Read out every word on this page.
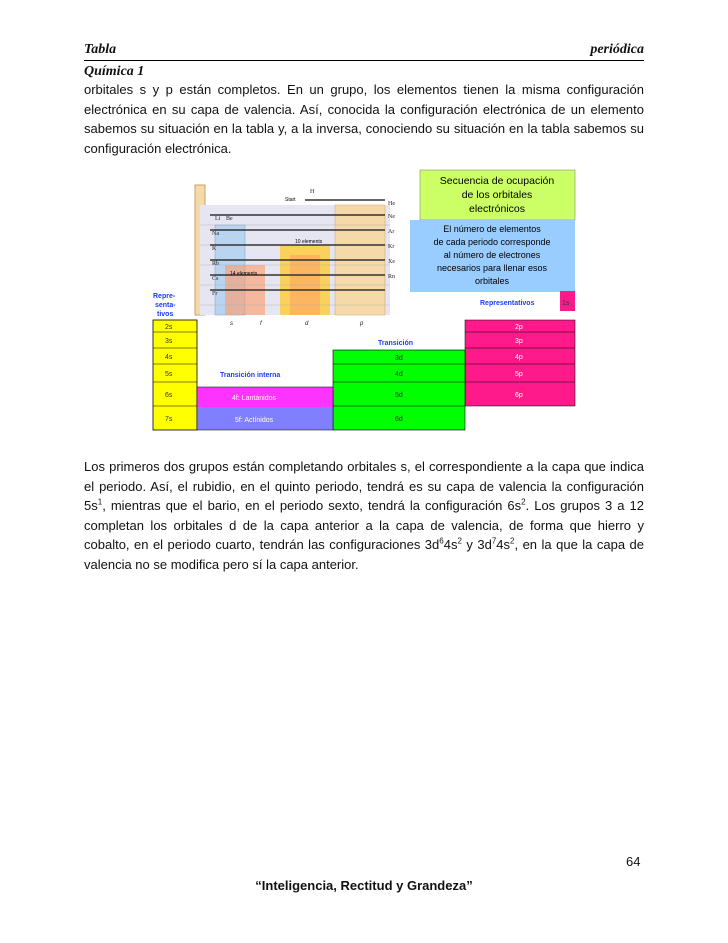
Tabla	periódica
Química 1
orbitales s y p están completos. En un grupo, los elementos tienen la misma configuración electrónica en su capa de valencia. Así, conocida la configuración electrónica de un elemento sabemos su situación en la tabla y, a la inversa, conociendo su situación en la tabla sabemos su configuración electrónica.
Start
10 elements
14 elements
H
He
Li Be	Ne
Na	Ar
K	Kr
Rb	Xe
Cs	Rn
Fr
s	f	d	p
Secuencia de ocupación
de los orbitales
electrónicos
El número de elementos
de cada periodo corresponde
al número de electrones
necesarios para llenar esos
orbitales
Repre-
senta-
tivos
2s
3s
4s
5s
6s
7s
1s
Representativos
2p
3p
4p
5p
6p
Transición
3d
4d
5d
6d
Transición interna
4f: Lantánidos
5f: Actínidos
Los primeros dos grupos están completando orbitales s, el correspondiente a la capa que indica el periodo. Así, el rubidio, en el quinto periodo, tendrá es su capa de valencia la configuración $5s^1$, mientras que el bario, en el periodo sexto, tendrá la configuración $6s^2$. Los grupos 3 a 12 completan los orbitales d de la capa anterior a la capa de valencia, de forma que hierro y cobalto, en el periodo cuarto, tendrán las configuraciones $3d^64s^2$ y $3d^74s^2$, en la que la capa de valencia no se modifica pero sí la capa anterior.
64
“Inteligencia, Rectitud y Grandeza”
